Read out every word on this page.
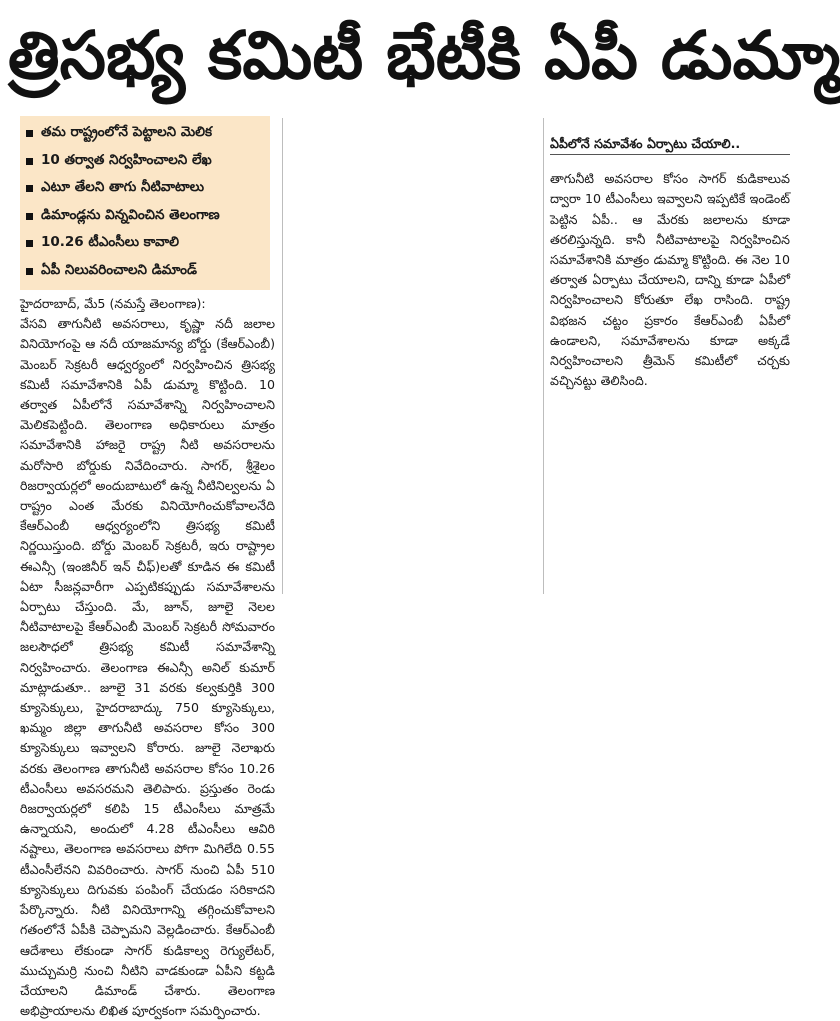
త్రిసభ్య కమిటీ భేటీకి ఏపీ డుమ్మా
తమ రాష్ట్రంలోనే పెట్టాలని మెలిక
10 తర్వాత నిర్వహించాలని లేఖ
ఎటూ తేలని తాగు నీటివాటాలు
డిమాండ్లను విన్నవించిన తెలంగాణ
10.26 టీఎంసీలు కావాలి
ఏపీ నిలువరించాలని డిమాండ్

హైదరాబాద్, మే5 (నమస్తే తెలంగాణ):
వేసవి తాగునీటి అవసరాలు, కృష్ణా నదీ జలాల వినియోగంపై ఆ నదీ యాజమాన్య బోర్డు (కేఆర్ఎంబీ) మెంబర్ సెక్రటరీ ఆధ్వర్యంలో నిర్వహించిన త్రిసభ్య కమిటీ సమావేశానికి ఏపీ డుమ్మా కొట్టింది. 10 తర్వాత ఏపీలోనే సమావేశాన్ని నిర్వహించాలని మెలికపెట్టింది. తెలంగాణ అధికారులు మాత్రం సమావేశానికి హాజరై రాష్ట్ర నీటి అవసరాలను మరోసారి బోర్డుకు నివేదించారు. సాగర్, శ్రీశైలం రిజర్వాయర్లలో అందుబాటులో ఉన్న నీటినిల్వలను ఏ రాష్ట్రం ఎంత మేరకు వినియోగించుకోవాలనేది కేఆర్ఎంబీ ఆధ్వర్యంలోని త్రిసభ్య కమిటీ నిర్ణయిస్తుంది. బోర్డు మెంబర్ సెక్రటరీ, ఇరు రాష్ట్రాల ఈఎన్సీ (ఇంజినీర్ ఇన్ చీఫ్)లతో కూడిన ఈ కమిటీ ఏటా సీజన్లవారీగా ఎప్పటికప్పుడు సమావేశాలను ఏర్పాటు చేస్తుంది. మే, జూన్, జూలై నెలల నీటివాటాలపై కేఆర్ఎంబీ మెంబర్ సెక్రటరీ సోమవారం జలసౌధలో త్రిసభ్య కమిటీ సమావేశాన్ని నిర్వహించారు. తెలంగాణ ఈఎన్సీ అనిల్ కుమార్ మాట్లాడుతూ.. జూలై 31 వరకు కల్వకుర్తికి 300 క్యూసెక్కులు, హైదరాబాద్కు 750 క్యూసెక్కులు, ఖమ్మం జిల్లా తాగునీటి అవసరాల కోసం 300 క్యూసెక్కులు ఇవ్వాలని కోరారు. జూలై నెలాఖరు వరకు తెలంగాణ తాగునీటి అవసరాల కోసం 10.26 టీఎంసీలు అవసరమని తెలిపారు. ప్రస్తుతం రెండు రిజర్వాయర్లలో కలిపి 15 టీఎంసీలు మాత్రమే ఉన్నాయని, అందులో 4.28 టీఎంసీలు ఆవిరి నష్టాలు, తెలంగాణ అవసరాలు పోగా మిగిలేది 0.55 టీఎంసీలేనని వివరించారు. సాగర్ నుంచి ఏపీ 510 క్యూసెక్కులు దిగువకు పంపింగ్ చేయడం సరికాదని పేర్కొన్నారు. నీటి వినియోగాన్ని తగ్గించుకోవాలని గతంలోనే ఏపీకి చెప్పామని వెల్లడించారు. కేఆర్ఎంబీ ఆదేశాలు లేకుండా సాగర్ కుడికాల్వ రెగ్యులేటర్, ముచ్చుమర్రి నుంచి నీటిని వాడకుండా ఏపీని కట్టడి చేయాలని డిమాండ్ చేశారు. తెలంగాణ అభిప్రాయాలను లిఖిత పూర్వకంగా సమర్పించారు.

ఏపీలోనే సమావేశం ఏర్పాటు చేయాలి..
తాగునీటి అవసరాల కోసం సాగర్ కుడికాలువ ద్వారా 10 టీఎంసీలు ఇవ్వాలని ఇప్పటికే ఇండెంట్ పెట్టిన ఏపీ.. ఆ మేరకు జలాలను కూడా తరలిస్తున్నది. కానీ నీటివాటాలపై నిర్వహించిన సమావేశానికి మాత్రం డుమ్మా కొట్టింది. ఈ నెల 10 తర్వాత ఏర్పాటు చేయాలని, దాన్ని కూడా ఏపీలో నిర్వహించాలని కోరుతూ లేఖ రాసింది. రాష్ట్ర విభజన చట్టం ప్రకారం కేఆర్ఎంబీ ఏపీలో ఉండాలని, సమావేశాలను కూడా అక్కడే నిర్వహించాలని త్రీమెన్ కమిటీలో చర్చకు వచ్చినట్టు తెలిసింది.
